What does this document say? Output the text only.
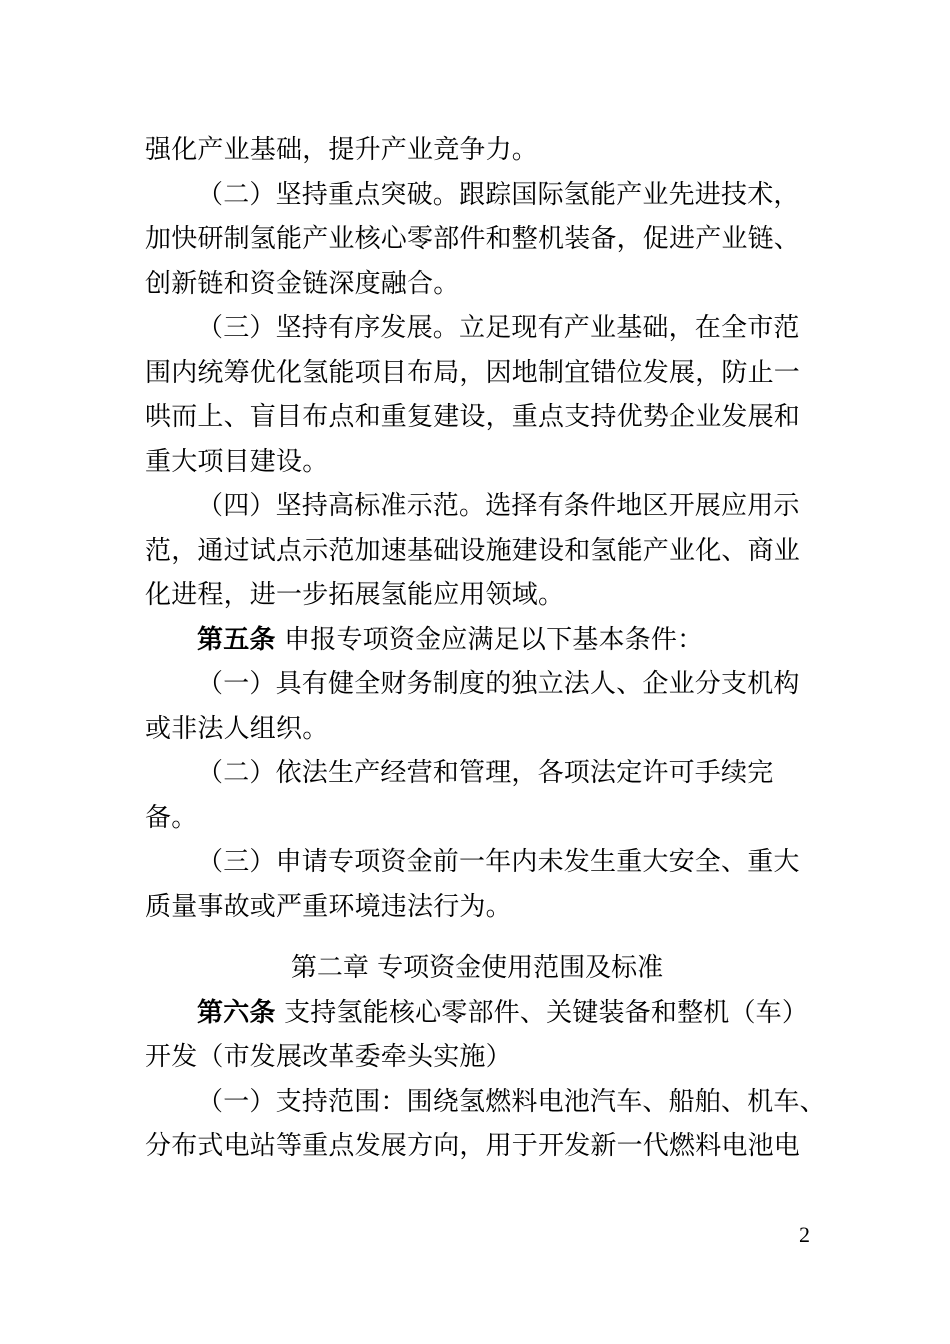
强化产业基础，提升产业竞争力。
（二）坚持重点突破。跟踪国际氢能产业先进技术，
加快研制氢能产业核心零部件和整机装备，促进产业链、
创新链和资金链深度融合。
（三）坚持有序发展。立足现有产业基础，在全市范
围内统筹优化氢能项目布局，因地制宜错位发展，防止一
哄而上、盲目布点和重复建设，重点支持优势企业发展和
重大项目建设。
（四）坚持高标准示范。选择有条件地区开展应用示
范，通过试点示范加速基础设施建设和氢能产业化、商业
化进程，进一步拓展氢能应用领域。
第五条 申报专项资金应满足以下基本条件：
（一）具有健全财务制度的独立法人、企业分支机构
或非法人组织。
（二）依法生产经营和管理，各项法定许可手续完
备。
（三）申请专项资金前一年内未发生重大安全、重大
质量事故或严重环境违法行为。
第二章 专项资金使用范围及标准
第六条 支持氢能核心零部件、关键装备和整机（车）
开发（市发展改革委牵头实施）
（一）支持范围：围绕氢燃料电池汽车、船舶、机车、
分布式电站等重点发展方向，用于开发新一代燃料电池电
2
